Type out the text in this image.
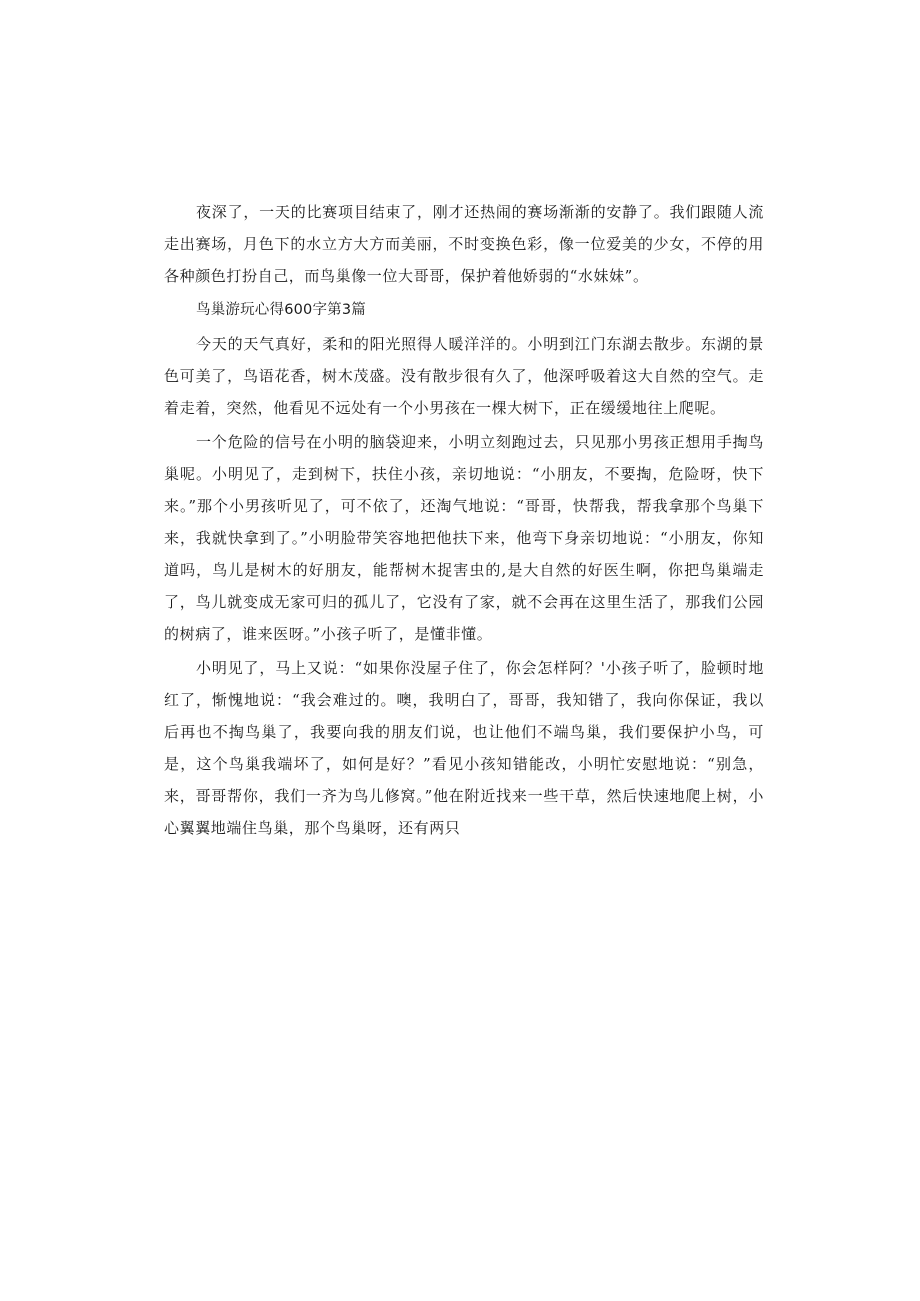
夜深了，一天的比赛项目结束了，刚才还热闹的赛场渐渐的安静了。我们跟随人流走出赛场，月色下的水立方大方而美丽，不时变换色彩，像一位爱美的少女，不停的用各种颜色打扮自己，而鸟巢像一位大哥哥，保护着他娇弱的“水妹妹”。

鸟巢游玩心得600字第3篇

今天的天气真好，柔和的阳光照得人暖洋洋的。小明到江门东湖去散步。东湖的景色可美了，鸟语花香，树木茂盛。没有散步很有久了，他深呼吸着这大自然的空气。走着走着，突然，他看见不远处有一个小男孩在一棵大树下，正在缓缓地往上爬呢。

一个危险的信号在小明的脑袋迎来，小明立刻跑过去，只见那小男孩正想用手掏鸟巢呢。小明见了，走到树下，扶住小孩，亲切地说：“小朋友，不要掏，危险呀，快下来。”那个小男孩听见了，可不依了，还淘气地说：“哥哥，快帮我，帮我拿那个鸟巢下来，我就快拿到了。”小明脸带笑容地把他扶下来，他弯下身亲切地说：“小朋友，你知道吗，鸟儿是树木的好朋友，能帮树木捉害虫的,是大自然的好医生啊，你把鸟巢端走了，鸟儿就变成无家可归的孤儿了，它没有了家，就不会再在这里生活了，那我们公园的树病了，谁来医呀。”小孩子听了，是懂非懂。

小明见了，马上又说：“如果你没屋子住了，你会怎样阿？'小孩子听了，脸顿时地红了，惭愧地说：“我会难过的。噢，我明白了，哥哥，我知错了，我向你保证，我以后再也不掏鸟巢了，我要向我的朋友们说，也让他们不端鸟巢，我们要保护小鸟，可是，这个鸟巢我端坏了，如何是好？”看见小孩知错能改，小明忙安慰地说：“别急，来，哥哥帮你，我们一齐为鸟儿修窝。”他在附近找来一些干草，然后快速地爬上树，小心翼翼地端住鸟巢，那个鸟巢呀，还有两只
